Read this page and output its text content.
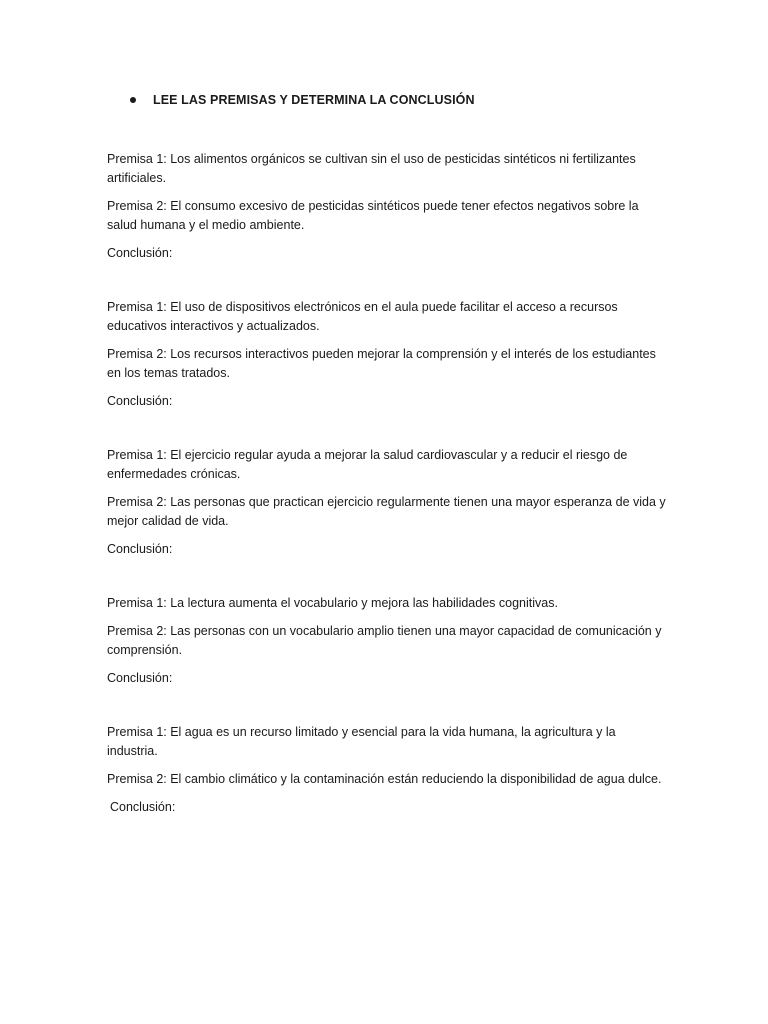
LEE LAS PREMISAS Y DETERMINA LA CONCLUSIÓN

Premisa 1: Los alimentos orgánicos se cultivan sin el uso de pesticidas sintéticos ni fertilizantes artificiales.

Premisa 2: El consumo excesivo de pesticidas sintéticos puede tener efectos negativos sobre la salud humana y el medio ambiente.

Conclusión:

Premisa 1: El uso de dispositivos electrónicos en el aula puede facilitar el acceso a recursos educativos interactivos y actualizados.

Premisa 2: Los recursos interactivos pueden mejorar la comprensión y el interés de los estudiantes en los temas tratados.

Conclusión:

Premisa 1: El ejercicio regular ayuda a mejorar la salud cardiovascular y a reducir el riesgo de enfermedades crónicas.

Premisa 2: Las personas que practican ejercicio regularmente tienen una mayor esperanza de vida y mejor calidad de vida.

Conclusión:

Premisa 1: La lectura aumenta el vocabulario y mejora las habilidades cognitivas.

Premisa 2: Las personas con un vocabulario amplio tienen una mayor capacidad de comunicación y comprensión.

Conclusión:

Premisa 1: El agua es un recurso limitado y esencial para la vida humana, la agricultura y la industria.

Premisa 2: El cambio climático y la contaminación están reduciendo la disponibilidad de agua dulce.

Conclusión:
